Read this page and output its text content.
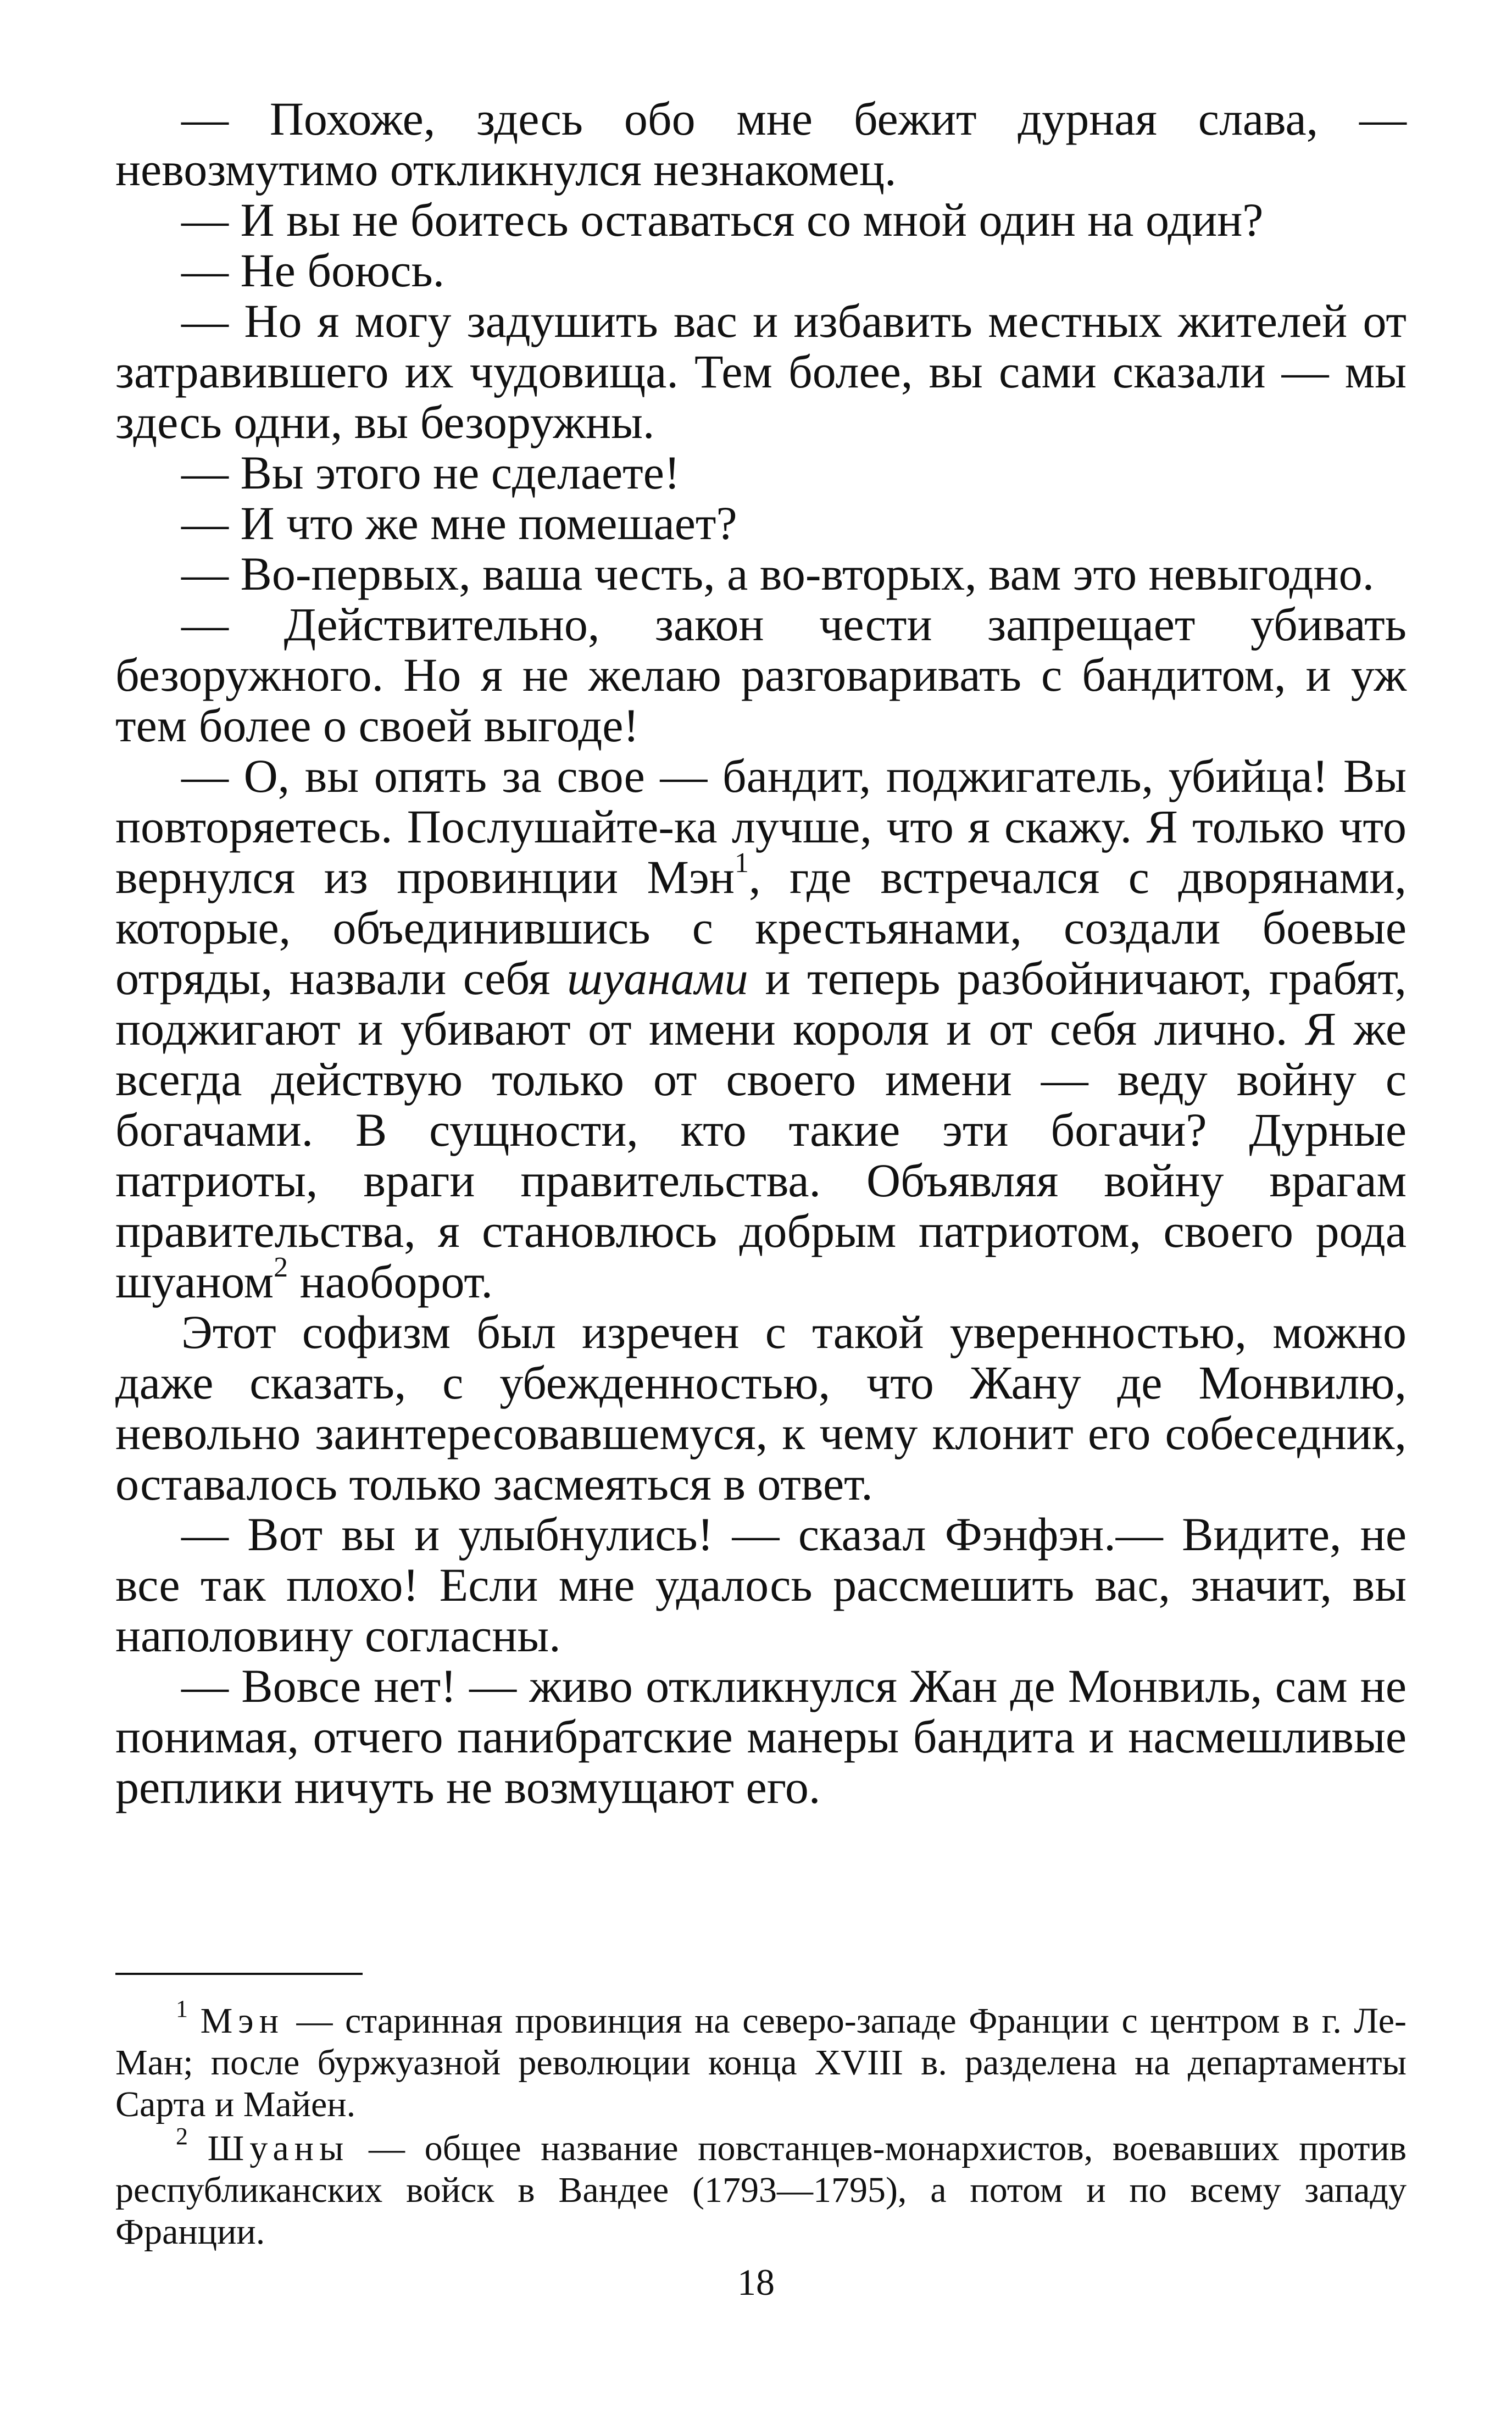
— Похоже, здесь обо мне бежит дурная слава, — невозмутимо откликнулся незнакомец.

— И вы не боитесь оставаться со мной один на один?

— Не боюсь.

— Но я могу задушить вас и избавить местных жителей от затравившего их чудовища. Тем более, вы сами сказали — мы здесь одни, вы безоружны.

— Вы этого не сделаете!

— И что же мне помешает?

— Во-первых, ваша честь, а во-вторых, вам это невыгодно.

— Действительно, закон чести запрещает убивать безоружного. Но я не желаю разговаривать с бандитом, и уж тем более о своей выгоде!

— О, вы опять за свое — бандит, поджигатель, убийца! Вы повторяетесь. Послушайте-ка лучше, что я скажу. Я только что вернулся из провинции Мэн$^1$, где встречался с дворянами, которые, объединившись с крестьянами, создали боевые отряды, назвали себя шуанами и теперь разбойничают, грабят, поджигают и убивают от имени короля и от себя лично. Я же всегда действую только от своего имени — веду войну с богачами. В сущности, кто такие эти богачи? Дурные патриоты, враги правительства. Объявляя войну врагам правительства, я становлюсь добрым патриотом, своего рода шуаном$^2$ наоборот.

Этот софизм был изречен с такой уверенностью, можно даже сказать, с убежденностью, что Жану де Монвилю, невольно заинтересовавшемуся, к чему клонит его собеседник, оставалось только засмеяться в ответ.

— Вот вы и улыбнулись! — сказал Фэнфэн.— Видите, не все так плохо! Если мне удалось рассмешить вас, значит, вы наполовину согласны.

— Вовсе нет! — живо откликнулся Жан де Монвиль, сам не понимая, отчего панибратские манеры бандита и насмешливые реплики ничуть не возмущают его.

$^1$ Мэн — старинная провинция на северо-западе Франции с центром в г. Ле-Ман; после буржуазной революции конца XVIII в. разделена на департаменты Сарта и Майен.

$^2$ Шуаны — общее название повстанцев-монархистов, воевавших против республиканских войск в Вандее (1793—1795), а потом и по всему западу Франции.

18
